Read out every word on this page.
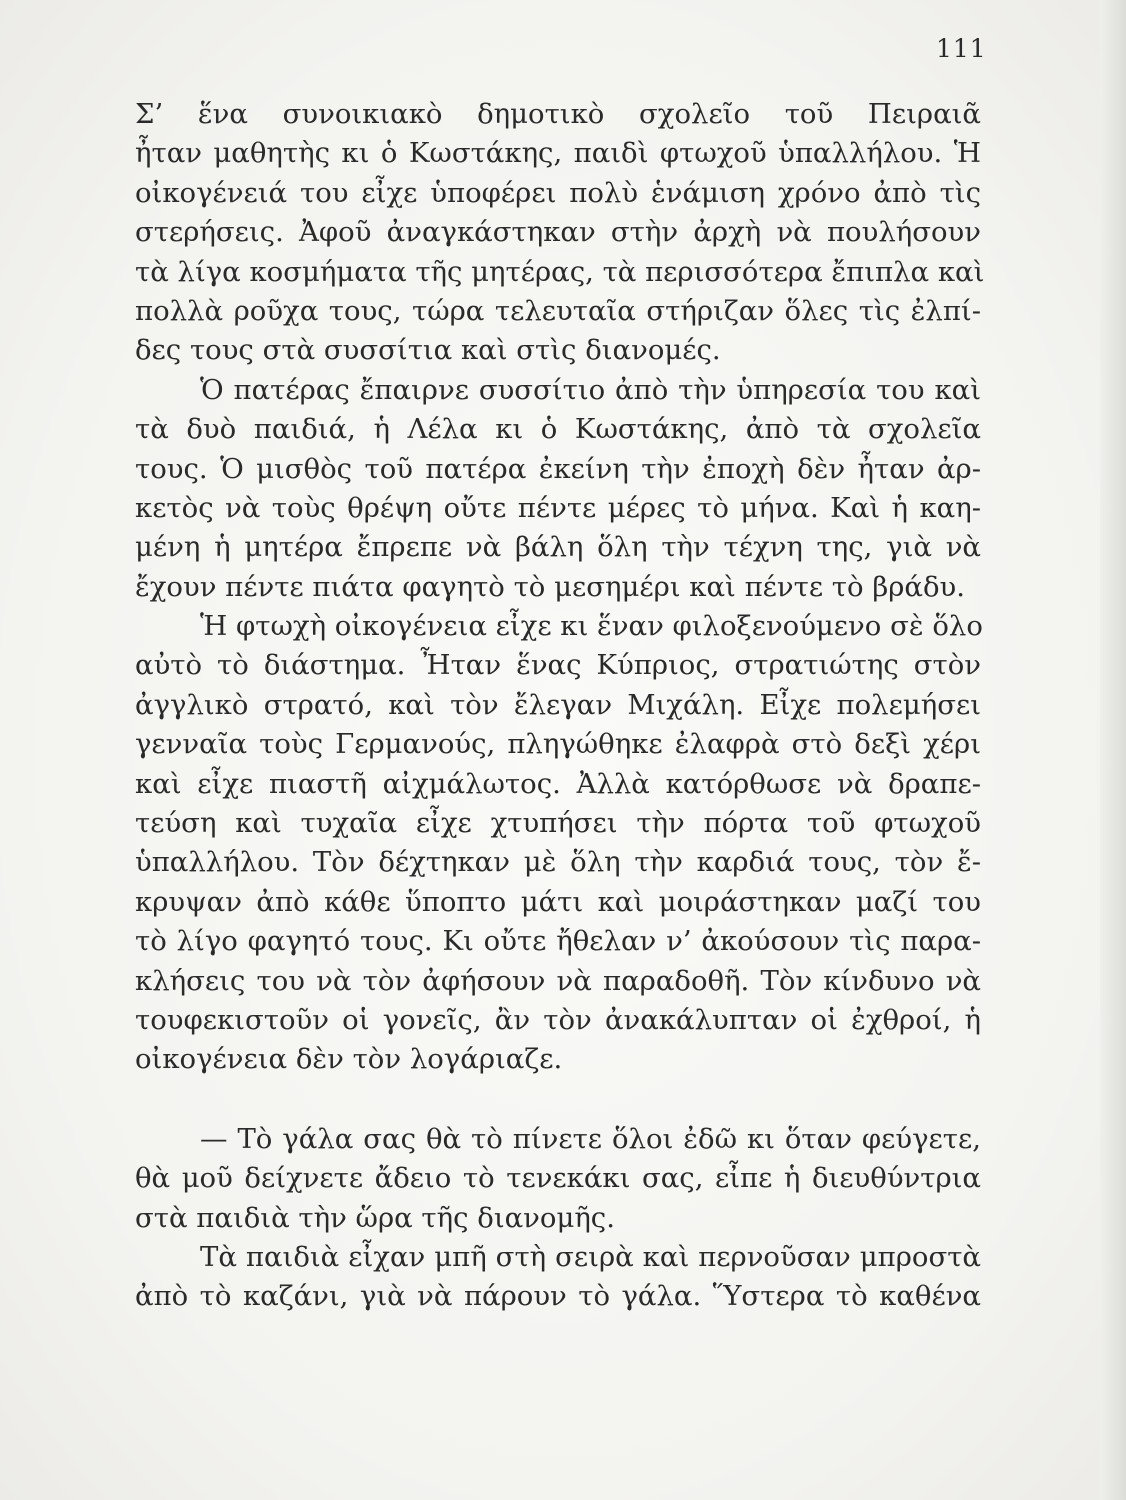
111
Σ’ ἕνα συνοικιακὸ δημοτικὸ σχολεῖο τοῦ Πειραιᾶ
ἦταν μαθητὴς κι ὁ Κωστάκης, παιδὶ φτωχοῦ ὑπαλλήλου. Ἡ
οἰκογένειά του εἶχε ὑποφέρει πολὺ ἑνάμιση χρόνο ἀπὸ τὶς
στερήσεις. Ἀφοῦ ἀναγκάστηκαν στὴν ἀρχὴ νὰ πουλήσουν
τὰ λίγα κοσμήματα τῆς μητέρας, τὰ περισσότερα ἔπιπλα καὶ
πολλὰ ροῦχα τους, τώρα τελευταῖα στήριζαν ὅλες τὶς ἐλπί-
δες τους στὰ συσσίτια καὶ στὶς διανομές.
Ὁ πατέρας ἔπαιρνε συσσίτιο ἀπὸ τὴν ὑπηρεσία του καὶ
τὰ δυὸ παιδιά, ἡ Λέλα κι ὁ Κωστάκης, ἀπὸ τὰ σχολεῖα
τους. Ὁ μισθὸς τοῦ πατέρα ἐκείνη τὴν ἐποχὴ δὲν ἦταν ἀρ-
κετὸς νὰ τοὺς θρέψη οὔτε πέντε μέρες τὸ μήνα. Καὶ ἡ καη-
μένη ἡ μητέρα ἔπρεπε νὰ βάλη ὅλη τὴν τέχνη της, γιὰ νὰ
ἔχουν πέντε πιάτα φαγητὸ τὸ μεσημέρι καὶ πέντε τὸ βράδυ.
Ἡ φτωχὴ οἰκογένεια εἶχε κι ἕναν φιλοξενούμενο σὲ ὅλο
αὐτὸ τὸ διάστημα. Ἦταν ἕνας Κύπριος, στρατιώτης στὸν
ἀγγλικὸ στρατό, καὶ τὸν ἔλεγαν Μιχάλη. Εἶχε πολεμήσει
γενναῖα τοὺς Γερμανούς, πληγώθηκε ἐλαφρὰ στὸ δεξὶ χέρι
καὶ εἶχε πιαστῆ αἰχμάλωτος. Ἀλλὰ κατόρθωσε νὰ δραπε-
τεύση καὶ τυχαῖα εἶχε χτυπήσει τὴν πόρτα τοῦ φτωχοῦ
ὑπαλλήλου. Τὸν δέχτηκαν μὲ ὅλη τὴν καρδιά τους, τὸν ἔ-
κρυψαν ἀπὸ κάθε ὕποπτο μάτι καὶ μοιράστηκαν μαζί του
τὸ λίγο φαγητό τους. Κι οὔτε ἤθελαν ν’ ἀκούσουν τὶς παρα-
κλήσεις του νὰ τὸν ἀφήσουν νὰ παραδοθῆ. Τὸν κίνδυνο νὰ
τουφεκιστοῦν οἱ γονεῖς, ἂν τὸν ἀνακάλυπταν οἱ ἐχθροί, ἡ
οἰκογένεια δὲν τὸν λογάριαζε.
— Τὸ γάλα σας θὰ τὸ πίνετε ὅλοι ἐδῶ κι ὅταν φεύγετε,
θὰ μοῦ δείχνετε ἄδειο τὸ τενεκάκι σας, εἶπε ἡ διευθύντρια
στὰ παιδιὰ τὴν ὥρα τῆς διανομῆς.
Τὰ παιδιὰ εἶχαν μπῆ στὴ σειρὰ καὶ περνοῦσαν μπροστὰ
ἀπὸ τὸ καζάνι, γιὰ νὰ πάρουν τὸ γάλα. Ὕστερα τὸ καθένα
